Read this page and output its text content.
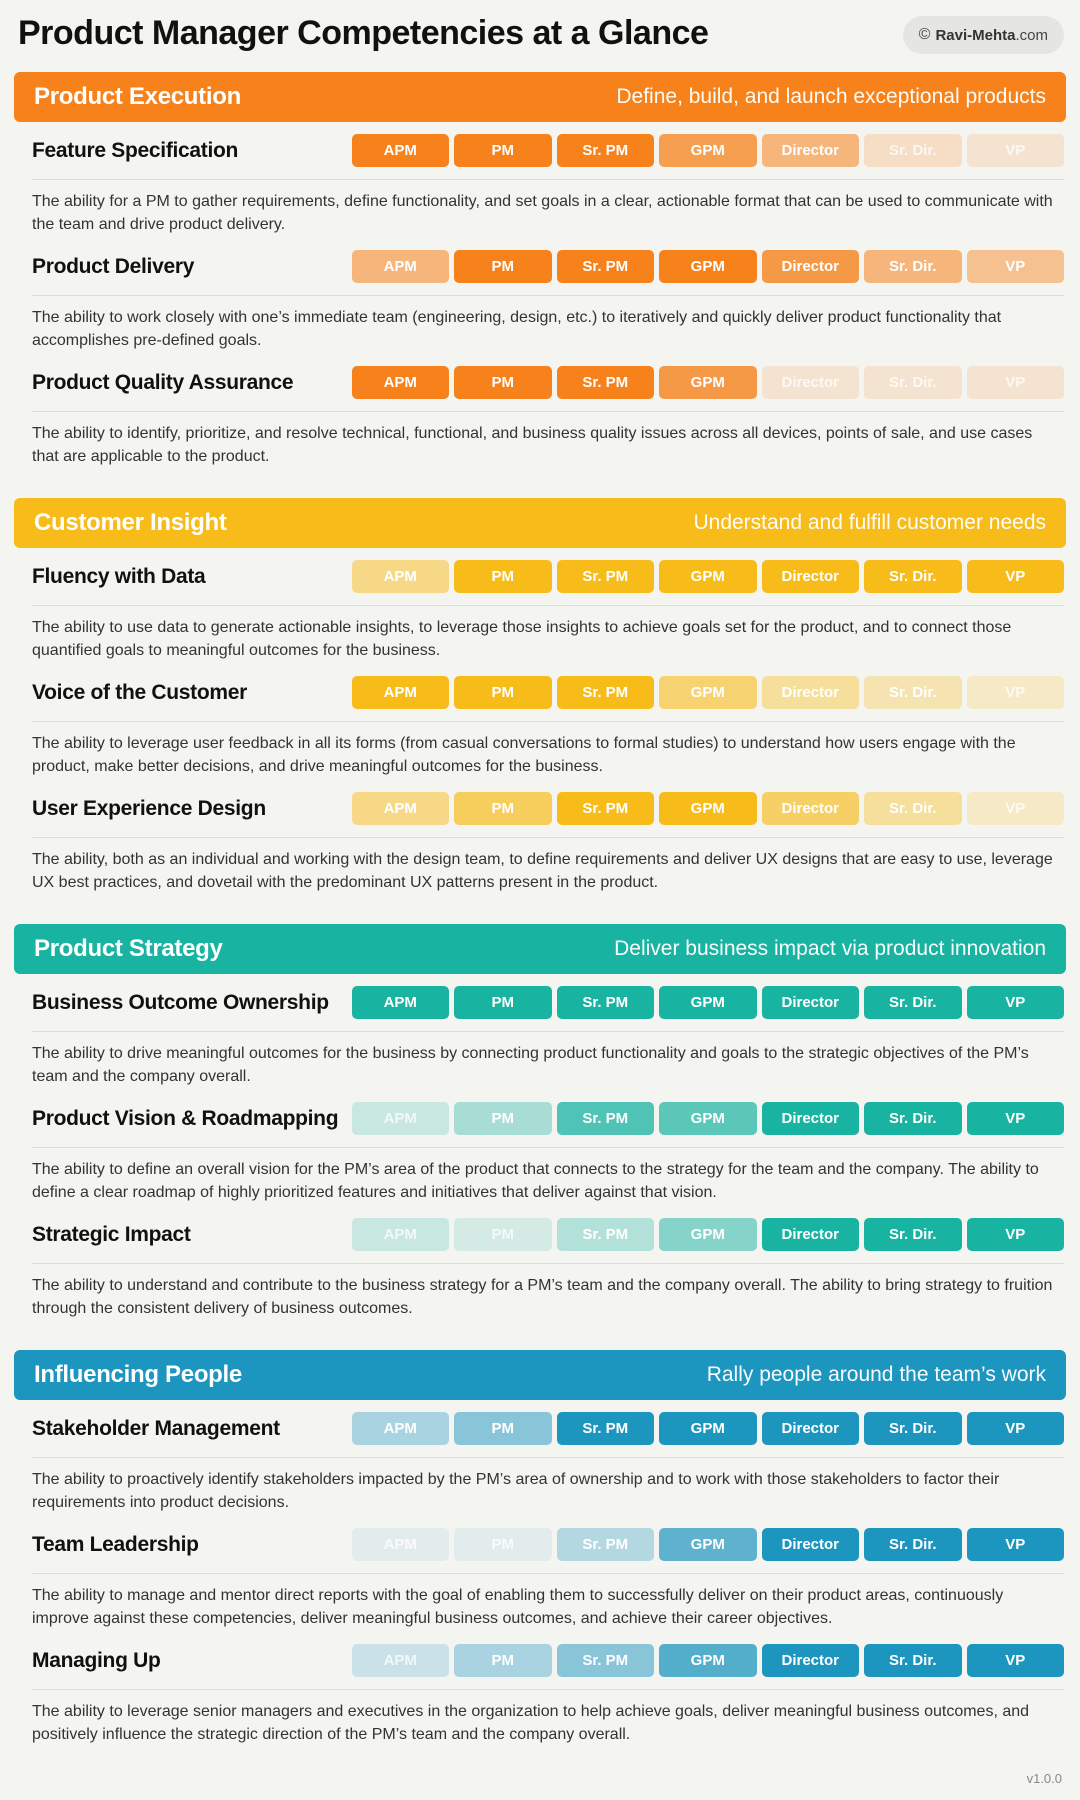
Product Manager Competencies at a Glance	© Ravi-Mehta .com
Product Execution	Define, build, and launch exceptional products
Feature Specification	APM	PM	Sr. PM	GPM	Director	Sr. Dir.	VP

The ability for a PM to gather requirements, define functionality, and set goals in a clear, actionable format that can be used to communicate with the team and drive product delivery.

Product Delivery	APM	PM	Sr. PM	GPM	Director	Sr. Dir.	VP

The ability to work closely with one’s immediate team (engineering, design, etc.) to iteratively and quickly deliver product functionality that accomplishes pre-defined goals.

Product Quality Assurance	APM	PM	Sr. PM	GPM	Director	Sr. Dir.	VP

The ability to identify, prioritize, and resolve technical, functional, and business quality issues across all devices, points of sale, and use cases that are applicable to the product.

Customer Insight	Understand and fulfill customer needs
Fluency with Data	APM	PM	Sr. PM	GPM	Director	Sr. Dir.	VP

The ability to use data to generate actionable insights, to leverage those insights to achieve goals set for the product, and to connect those quantified goals to meaningful outcomes for the business.

Voice of the Customer	APM	PM	Sr. PM	GPM	Director	Sr. Dir.	VP

The ability to leverage user feedback in all its forms (from casual conversations to formal studies) to understand how users engage with the product, make better decisions, and drive meaningful outcomes for the business.

User Experience Design	APM	PM	Sr. PM	GPM	Director	Sr. Dir.	VP

The ability, both as an individual and working with the design team, to define requirements and deliver UX designs that are easy to use, leverage UX best practices, and dovetail with the predominant UX patterns present in the product.

Product Strategy	Deliver business impact via product innovation
Business Outcome Ownership	APM	PM	Sr. PM	GPM	Director	Sr. Dir.	VP

The ability to drive meaningful outcomes for the business by connecting product functionality and goals to the strategic objectives of the PM’s team and the company overall.

Product Vision & Roadmapping	APM	PM	Sr. PM	GPM	Director	Sr. Dir.	VP

The ability to define an overall vision for the PM’s area of the product that connects to the strategy for the team and the company. The ability to define a clear roadmap of highly prioritized features and initiatives that deliver against that vision.

Strategic Impact	APM	PM	Sr. PM	GPM	Director	Sr. Dir.	VP

The ability to understand and contribute to the business strategy for a PM’s team and the company overall. The ability to bring strategy to fruition through the consistent delivery of business outcomes.

Influencing People	Rally people around the team’s work
Stakeholder Management	APM	PM	Sr. PM	GPM	Director	Sr. Dir.	VP

The ability to proactively identify stakeholders impacted by the PM’s area of ownership and to work with those stakeholders to factor their requirements into product decisions.

Team Leadership	APM	PM	Sr. PM	GPM	Director	Sr. Dir.	VP

The ability to manage and mentor direct reports with the goal of enabling them to successfully deliver on their product areas, continuously improve against these competencies, deliver meaningful business outcomes, and achieve their career objectives.

Managing Up	APM	PM	Sr. PM	GPM	Director	Sr. Dir.	VP

The ability to leverage senior managers and executives in the organization to help achieve goals, deliver meaningful business outcomes, and positively influence the strategic direction of the PM’s team and the company overall.

v1.0.0
